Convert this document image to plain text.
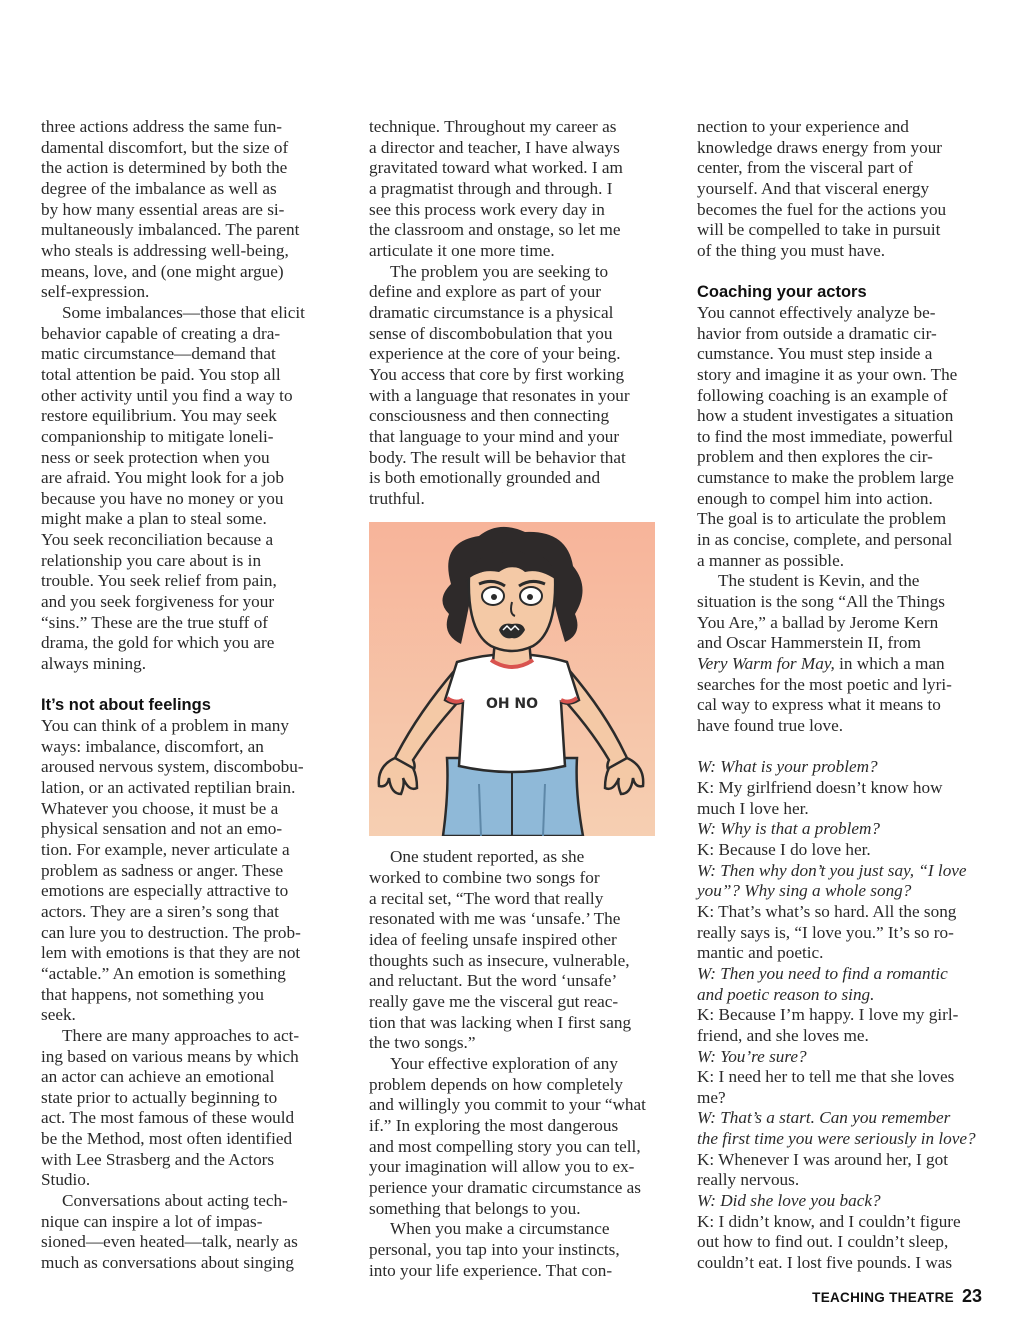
three actions address the same fun-
damental discomfort, but the size of
the action is determined by both the
degree of the imbalance as well as
by how many essential areas are si-
multaneously imbalanced. The parent
who steals is addressing well-being,
means, love, and (one might argue)
self-expression.
Some imbalances—those that elicit
behavior capable of creating a dra-
matic circumstance—demand that
total attention be paid. You stop all
other activity until you find a way to
restore equilibrium. You may seek
companionship to mitigate loneli-
ness or seek protection when you
are afraid. You might look for a job
because you have no money or you
might make a plan to steal some.
You seek reconciliation because a
relationship you care about is in
trouble. You seek relief from pain,
and you seek forgiveness for your
“sins.” These are the true stuff of
drama, the gold for which you are
always mining.
It’s not about feelings
You can think of a problem in many
ways: imbalance, discomfort, an
aroused nervous system, discombobu-
lation, or an activated reptilian brain.
Whatever you choose, it must be a
physical sensation and not an emo-
tion. For example, never articulate a
problem as sadness or anger. These
emotions are especially attractive to
actors. They are a siren’s song that
can lure you to destruction. The prob-
lem with emotions is that they are not
“actable.” An emotion is something
that happens, not something you
seek.
There are many approaches to act-
ing based on various means by which
an actor can achieve an emotional
state prior to actually beginning to
act. The most famous of these would
be the Method, most often identified
with Lee Strasberg and the Actors
Studio.
Conversations about acting tech-
nique can inspire a lot of impas-
sioned—even heated—talk, nearly as
much as conversations about singing
technique. Throughout my career as
a director and teacher, I have always
gravitated toward what worked. I am
a pragmatist through and through. I
see this process work every day in
the classroom and onstage, so let me
articulate it one more time.
The problem you are seeking to
define and explore as part of your
dramatic circumstance is a physical
sense of discombobulation that you
experience at the core of your being.
You access that core by first working
with a language that resonates in your
consciousness and then connecting
that language to your mind and your
body. The result will be behavior that
is both emotionally grounded and
truthful.
OH NO
One student reported, as she
worked to combine two songs for
a recital set, “The word that really
resonated with me was ‘unsafe.’ The
idea of feeling unsafe inspired other
thoughts such as insecure, vulnerable,
and reluctant. But the word ‘unsafe’
really gave me the visceral gut reac-
tion that was lacking when I first sang
the two songs.”
Your effective exploration of any
problem depends on how completely
and willingly you commit to your “what
if.” In exploring the most dangerous
and most compelling story you can tell,
your imagination will allow you to ex-
perience your dramatic circumstance as
something that belongs to you.
When you make a circumstance
personal, you tap into your instincts,
into your life experience. That con-
nection to your experience and
knowledge draws energy from your
center, from the visceral part of
yourself. And that visceral energy
becomes the fuel for the actions you
will be compelled to take in pursuit
of the thing you must have.
Coaching your actors
You cannot effectively analyze be-
havior from outside a dramatic cir-
cumstance. You must step inside a
story and imagine it as your own. The
following coaching is an example of
how a student investigates a situation
to find the most immediate, powerful
problem and then explores the cir-
cumstance to make the problem large
enough to compel him into action.
The goal is to articulate the problem
in as concise, complete, and personal
a manner as possible.
The student is Kevin, and the
situation is the song “All the Things
You Are,” a ballad by Jerome Kern
and Oscar Hammerstein II, from
Very Warm for May, in which a man
searches for the most poetic and lyri-
cal way to express what it means to
have found true love.
W: What is your problem?
K: My girlfriend doesn’t know how
much I love her.
W: Why is that a problem?
K: Because I do love her.
W: Then why don’t you just say, “I love
you”? Why sing a whole song?
K: That’s what’s so hard. All the song
really says is, “I love you.” It’s so ro-
mantic and poetic.
W: Then you need to find a romantic
and poetic reason to sing.
K: Because I’m happy. I love my girl-
friend, and she loves me.
W: You’re sure?
K: I need her to tell me that she loves
me?
W: That’s a start. Can you remember
the first time you were seriously in love?
K: Whenever I was around her, I got
really nervous.
W: Did she love you back?
K: I didn’t know, and I couldn’t figure
out how to find out. I couldn’t sleep,
couldn’t eat. I lost five pounds. I was
TEACHING THEATRE 23
